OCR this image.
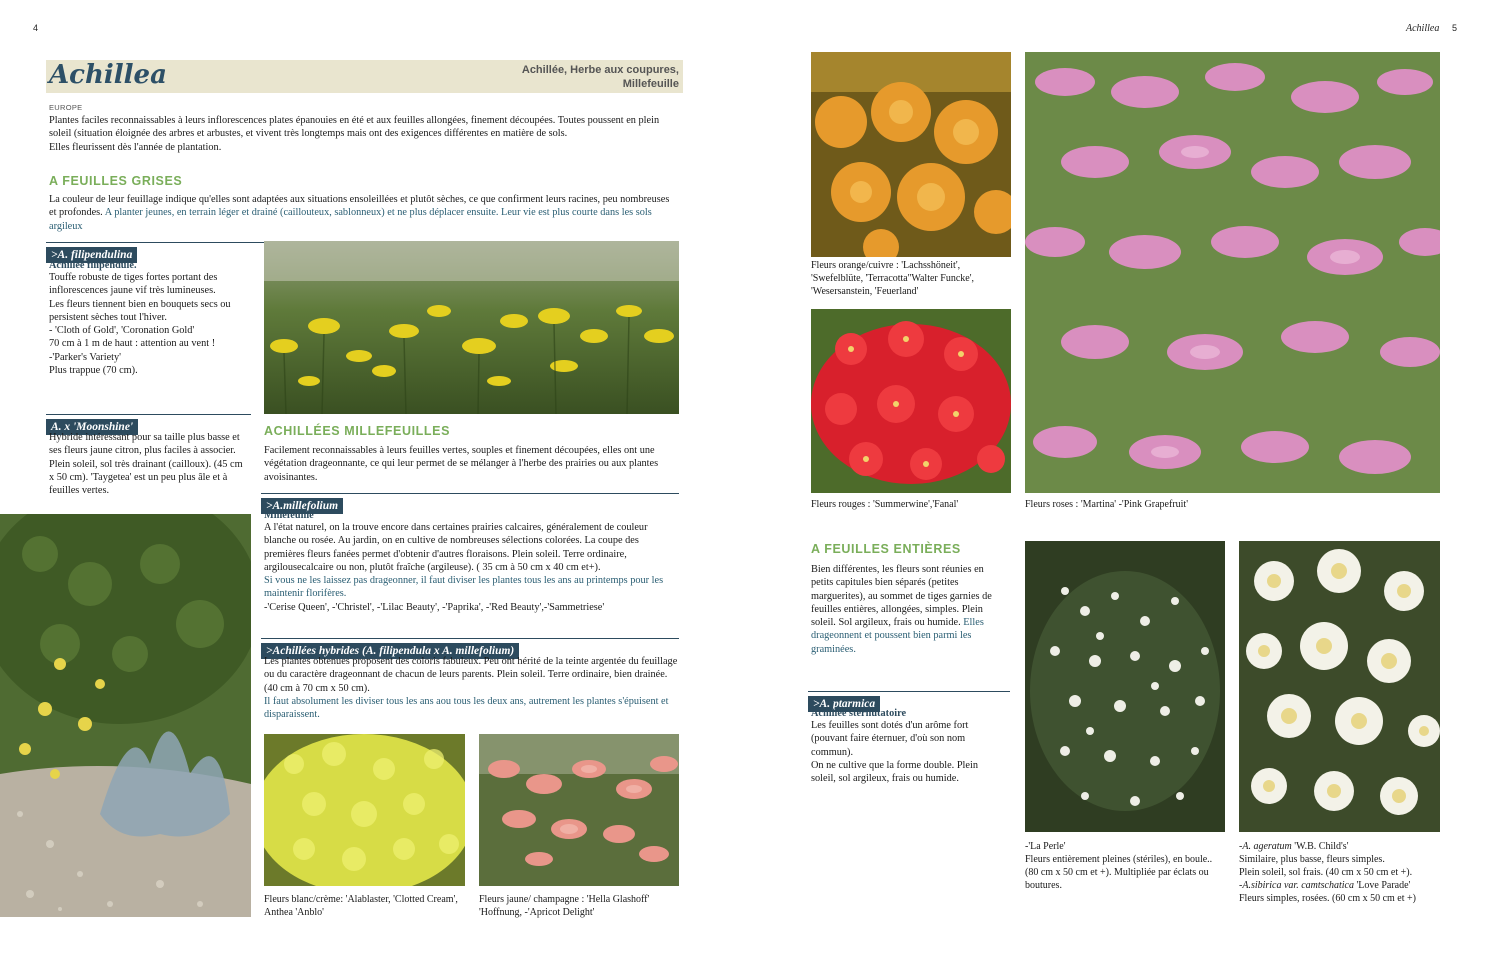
4	Achillea 5
Achillea	Achillée, Herbe aux coupures,
Millefeuille
EUROPE
Plantes faciles reconnaissables à leurs inflorescences plates épanouies en été et aux feuilles allongées, finement découpées. Toutes poussent en plein soleil (situation éloignée des arbres et arbustes, et vivent très longtemps mais ont des exigences différentes en matière de sols.
Elles fleurissent dès l'année de plantation.
A FEUILLES GRISES
La couleur de leur feuillage indique qu'elles sont adaptées aux situations ensoleillées et plutôt sèches, ce que confirment leurs racines, peu nombreuses et profondes. A planter jeunes, en terrain léger et drainé (caillouteux, sablonneux) et ne plus déplacer ensuite. Leur vie est plus courte dans les sols argileux
>A. filipendulina
Achillée filipendule.
Touffe robuste de tiges fortes portant des inflorescences jaune vif très lumineuses.
Les fleurs tiennent bien en bouquets secs ou persistent sèches tout l'hiver.
- 'Cloth of Gold', 'Coronation Gold'
70 cm à 1 m de haut : attention au vent !
-'Parker's Variety'
Plus trappue (70 cm).
A. x 'Moonshine'
Hybride intéressant pour sa taille plus basse et ses fleurs jaune citron, plus faciles à associer. Plein soleil, sol très drainant (cailloux). (45 cm x 50 cm). 'Taygetea' est un peu plus âle et à feuilles vertes.
ACHILLÉES MILLEFEUILLES
Facilement reconnaissables à leurs feuilles vertes, souples et finement découpées, elles ont une végétation drageonnante, ce qui leur permet de se mélanger à l'herbe des prairies ou aux plantes avoisinantes.
>A.millefolium
Millefeuille
A l'état naturel, on la trouve encore dans certaines prairies calcaires, généralement de couleur blanche ou rosée. Au jardin, on en cultive de nombreuses sélections colorées. La coupe des premières fleurs fanées permet d'obtenir d'autres floraisons. Plein soleil. Terre ordinaire, argilousecalcaire ou non, plutôt fraîche (argileuse). ( 35 cm à 50 cm x 40 cm et+).
Si vous ne les laissez pas drageonner, il faut diviser les plantes tous les ans au printemps pour les maintenir florifères.
-'Cerise Queen', -'Christel', -'Lilac Beauty', -'Paprika', -'Red Beauty',-'Sammetriese'
>Achillées hybrides (A. filipendula x A. millefolium)
Les plantes obtenues proposent des coloris fabuleux. Peu ont hérité de la teinte argentée du feuillage ou du caractère drageonnant de chacun de leurs parents. Plein soleil. Terre ordinaire, bien drainée. (40 cm à 70 cm x 50 cm).
Il faut absolument les diviser tous les ans aou tous les deux ans, autrement les plantes s'épuisent et disparaissent.
Fleurs blanc/crème: 'Alablaster, 'Clotted Cream', Anthea 'Anblo'
Fleurs jaune/ champagne : 'Hella Glashoff' 'Hoffnung, -'Apricot Delight'
Fleurs orange/cuivre : 'Lachsshöneit', 'Swefelblüte, 'Terracotta''Walter Funcke', 'Wesersanstein, 'Feuerland'
Fleurs rouges : 'Summerwine','Fanal'	Fleurs roses : 'Martina' -'Pink Grapefruit'
A FEUILLES ENTIÈRES
Bien différentes, les fleurs sont réunies en petits capitules bien séparés (petites marguerites), au sommet de tiges garnies de feuilles entières, allongées, simples. Plein soleil. Sol argileux, frais ou humide. Elles drageonnent et poussent bien parmi les graminées.
>A. ptarmica
Achillée sternutatoire
Les feuilles sont dotés d'un arôme fort (pouvant faire éternuer, d'où son nom commun).
On ne cultive que la forme double. Plein soleil, sol argileux, frais ou humide.
-'La Perle'
Fleurs entièrement pleines (stériles), en boule.. (80 cm x 50 cm et +). Multipliée par éclats ou boutures.
-A. ageratum 'W.B. Child's'
Similaire, plus basse, fleurs simples.
Plein soleil, sol frais. (40 cm x 50 cm et +).
-A.sibirica var. camtschatica 'Love Parade'
Fleurs simples, rosées. (60 cm x 50 cm et +)
